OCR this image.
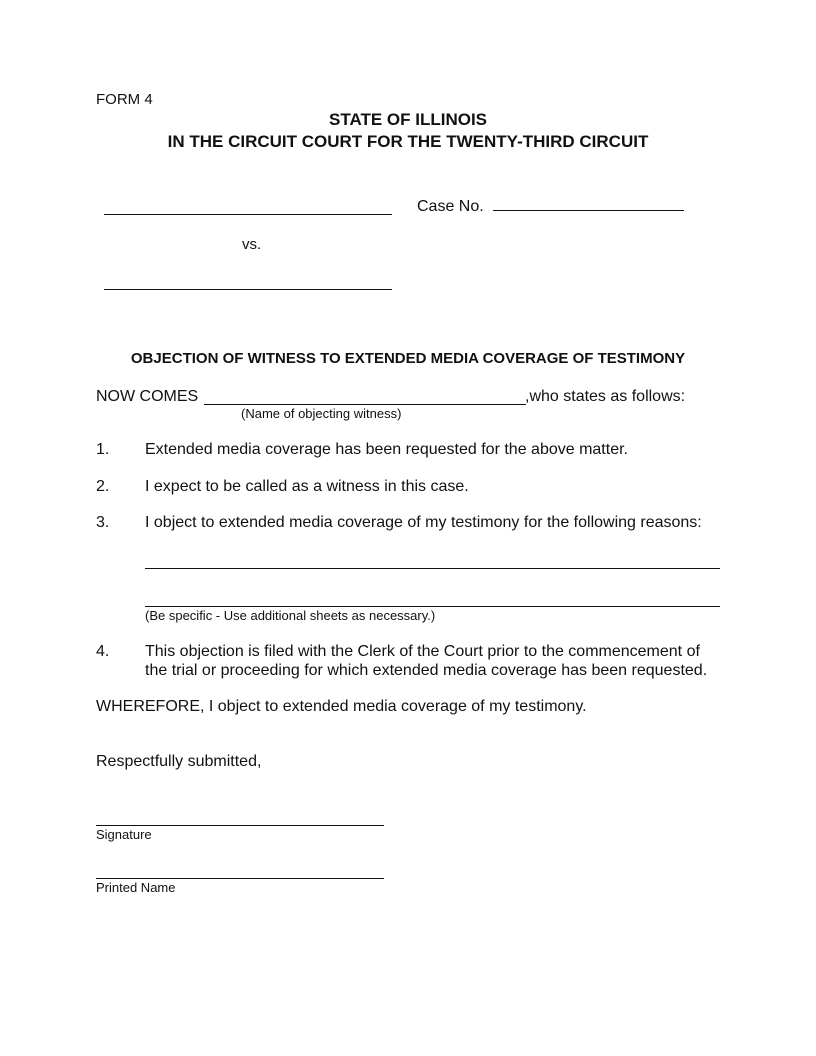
FORM 4
STATE OF ILLINOIS
IN THE CIRCUIT COURT FOR THE TWENTY-THIRD CIRCUIT
Case No.
vs.
OBJECTION OF WITNESS TO EXTENDED MEDIA COVERAGE OF TESTIMONY
NOW COMES	,who states as follows:
(Name of objecting witness)
1. Extended media coverage has been requested for the above matter.
2. I expect to be called as a witness in this case.
3. I object to extended media coverage of my testimony for the following reasons:
(Be specific - Use additional sheets as necessary.)
4. This objection is filed with the Clerk of the Court prior to the commencement of the trial or proceeding for which extended media coverage has been requested.
WHEREFORE, I object to extended media coverage of my testimony.
Respectfully submitted,
Signature
Printed Name
